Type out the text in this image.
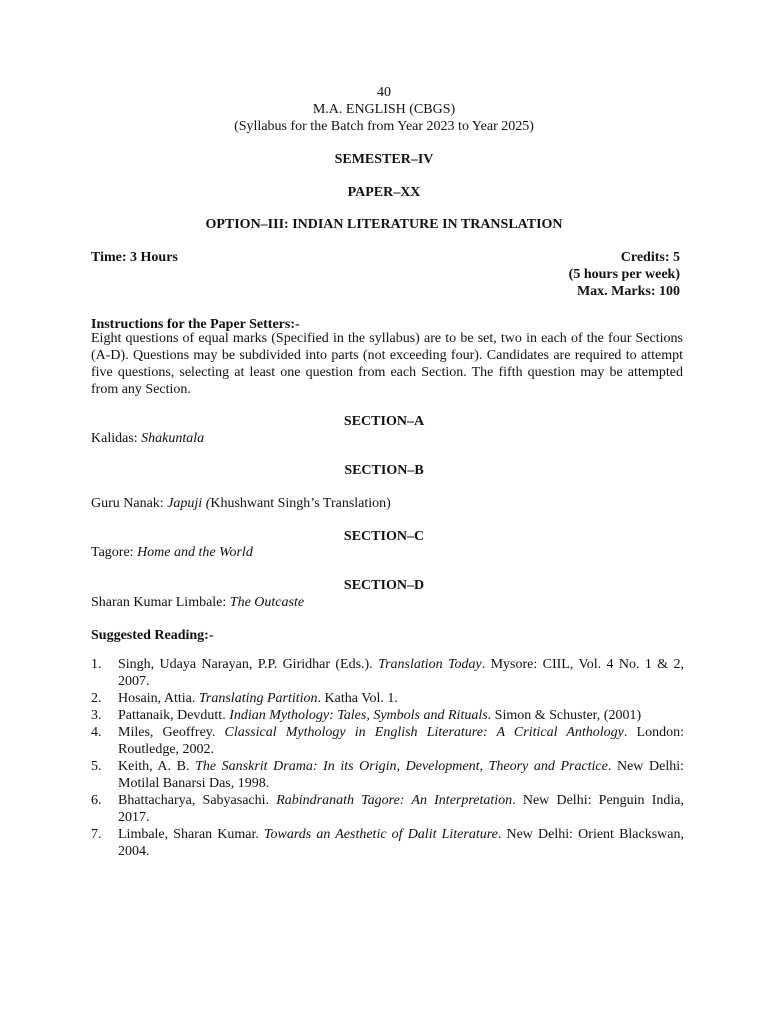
40
M.A. ENGLISH (CBGS)
(Syllabus for the Batch from Year 2023 to Year 2025)
SEMESTER–IV
PAPER–XX
OPTION–III: INDIAN LITERATURE IN TRANSLATION
Time: 3 Hours	Credits: 5
(5 hours per week)
Max. Marks: 100
Instructions for the Paper Setters:-
Eight questions of equal marks (Specified in the syllabus) are to be set, two in each of the four Sections (A-D). Questions may be subdivided into parts (not exceeding four). Candidates are required to attempt five questions, selecting at least one question from each Section. The fifth question may be attempted from any Section.
SECTION–A
Kalidas: Shakuntala
SECTION–B
Guru Nanak: Japuji (Khushwant Singh’s Translation)
SECTION–C
Tagore: Home and the World
SECTION–D
Sharan Kumar Limbale: The Outcaste
Suggested Reading:-
1. Singh, Udaya Narayan, P.P. Giridhar (Eds.). Translation Today. Mysore: CIIL, Vol. 4 No. 1 & 2, 2007.
2. Hosain, Attia. Translating Partition. Katha Vol. 1.
3. Pattanaik, Devdutt. Indian Mythology: Tales, Symbols and Rituals. Simon & Schuster, (2001)
4. Miles, Geoffrey. Classical Mythology in English Literature: A Critical Anthology. London: Routledge, 2002.
5. Keith, A. B. The Sanskrit Drama: In its Origin, Development, Theory and Practice. New Delhi: Motilal Banarsi Das, 1998.
6. Bhattacharya, Sabyasachi. Rabindranath Tagore: An Interpretation. New Delhi: Penguin India, 2017.
7. Limbale, Sharan Kumar. Towards an Aesthetic of Dalit Literature. New Delhi: Orient Blackswan, 2004.
